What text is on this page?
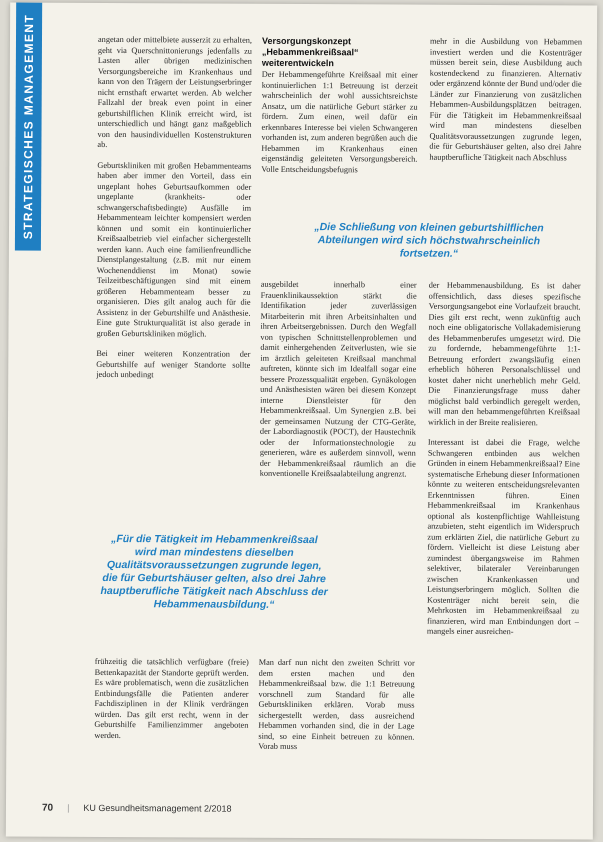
STRATEGISCHES MANAGEMENT	angetan oder mittelbiete ausserzit zu erhalten, geht via Querschnittonierungs jedenfalls zu Lasten aller übrigen medizinischen Versorgungsbereiche im Krankenhaus und kann von den Trägern der Leistungserbringer nicht ernsthaft erwartet werden. Ab welcher Fallzahl der break even point in einer geburtshilflichen Klinik erreicht wird, ist unterschiedlich und hängt ganz maßgeblich von den hausindividuellen Kostenstrukturen ab.

Geburtskliniken mit großen Hebammenteams haben aber immer den Vorteil, dass ein ungeplant hohes Geburtsaufkommen oder ungeplante (krankheits- oder schwangerschaftsbedingte) Ausfälle im Hebammenteam leichter kompensiert werden können und somit ein kontinuierlicher Kreißsaalbetrieb viel einfacher sichergestellt werden kann. Auch eine familienfreundliche Dienstplangestaltung (z.B. mit nur einem Wochenenddienst im Monat) sowie Teilzeitbeschäftigungen sind mit einem größeren Hebammenteam besser zu organisieren. Dies gilt analog auch für die Assistenz in der Geburtshilfe und Anästhesie. Eine gute Strukturqualität ist also gerade in großen Geburtskliniken möglich.

Bei einer weiteren Konzentration der Geburtshilfe auf weniger Standorte sollte jedoch unbedingt

Versorgungskonzept „Hebammenkreißsaal“ weiterentwickeln

Der Hebammengeführte Kreißsaal mit einer kontinuierlichen 1:1 Betreuung ist derzeit wahrscheinlich der wohl aussichtsreichste Ansatz, um die natürliche Geburt stärker zu fördern. Zum einen, weil dafür ein erkennbares Interesse bei vielen Schwangeren vorhanden ist, zum anderen begrüßen auch die Hebammen im Krankenhaus einen eigenständig geleiteten Versorgungsbereich. Volle Entscheidungsbefugnis

mehr in die Ausbildung von Hebammen investiert werden und die Kostenträger müssen bereit sein, diese Ausbildung auch kostendeckend zu finanzieren. Alternativ oder ergänzend könnte der Bund und/oder die Länder zur Finanzierung von zusätzlichen Hebammen-Ausbildungsplätzen beitragen. Für die Tätigkeit im Hebammenkreißsaal wird man mindestens dieselben Qualitätsvoraussetzungen zugrunde legen, die für Geburtshäuser gelten, also drei Jahre hauptberufliche Tätigkeit nach Abschluss

„Die Schließung von kleinen geburtshilflichen Abteilungen wird sich höchstwahrscheinlich fortsetzen.“

ausgebildet innerhalb einer Frauenklinikaussektion stärkt die Identifikation jeder zuverlässigen Mitarbeiterin mit ihren Arbeitsinhalten und ihren Arbeitsergebnissen. Durch den Wegfall von typischen Schnittstellenproblemen und damit einhergehenden Zeitverlusten, wie sie im ärztlich geleiteten Kreißsaal manchmal auftreten, könnte sich im Idealfall sogar eine bessere Prozessqualität ergeben. Gynäkologen und Anästhesisten wären bei diesem Konzept interne Dienstleister für den Hebammenkreißsaal. Um Synergien z.B. bei der gemeinsamen Nutzung der CTG-Geräte, der Labordiagnostik (POCT), der Haustechnik oder der Informationstechnologie zu generieren, wäre es außerdem sinnvoll, wenn der Hebammenkreißsaal räumlich an die konventionelle Kreißsaalabteilung angrenzt.

der Hebammenausbildung. Es ist daher offensichtlich, dass dieses spezifische Versorgungsangebot eine Vorlaufzeit braucht. Dies gilt erst recht, wenn zukünftig auch noch eine obligatorische Vollakademisierung des Hebammenberufes umgesetzt wird. Die zu fordernde, hebammengeführte 1:1-Betreuung erfordert zwangsläufig einen erheblich höheren Personalschlüssel und kostet daher nicht unerheblich mehr Geld. Die Finanzierungsfrage muss daher möglichst bald verbindlich geregelt werden, will man den hebammengeführten Kreißsaal wirklich in der Breite realisieren.

Interessant ist dabei die Frage, welche Schwangeren entbinden aus welchen Gründen in einem Hebammenkreißsaal? Eine systematische Erhebung dieser Informationen könnte zu weiteren entscheidungsrelevanten Erkenntnissen führen. Einen Hebammenkreißsaal im Krankenhaus optional als kostenpflichtige Wahlleistung anzubieten, steht eigentlich im Widerspruch zum erklärten Ziel, die natürliche Geburt zu fördern. Vielleicht ist diese Leistung aber zumindest übergangsweise im Rahmen selektiver, bilateraler Vereinbarungen zwischen Krankenkassen und Leistungserbringern möglich. Sollten die Kostenträger nicht bereit sein, die Mehrkosten im Hebammenkreißsaal zu finanzieren, wird man Entbindungen dort – mangels einer ausreichen-

„Für die Tätigkeit im Hebammenkreißsaal wird man mindestens dieselben Qualitätsvoraussetzungen zugrunde legen, die für Geburtshäuser gelten, also drei Jahre hauptberufliche Tätigkeit nach Abschluss der Hebammenausbildung.“

frühzeitig die tatsächlich verfügbare (freie) Bettenkapazität der Standorte geprüft werden. Es wäre problematisch, wenn die zusätzlichen Entbindungsfälle die Patienten anderer Fachdisziplinen in der Klinik verdrängen würden. Das gilt erst recht, wenn in der Geburtshilfe Familienzimmer angeboten werden.

Man darf nun nicht den zweiten Schritt vor dem ersten machen und den Hebammenkreißsaal bzw. die 1:1 Betreuung vorschnell zum Standard für alle Geburtskliniken erklären. Vorab muss sichergestellt werden, dass ausreichend Hebammen vorhanden sind, die in der Lage sind, so eine Einheit betreuen zu können. Vorab muss

70 | KU Gesundheitsmanagement 2/2018
